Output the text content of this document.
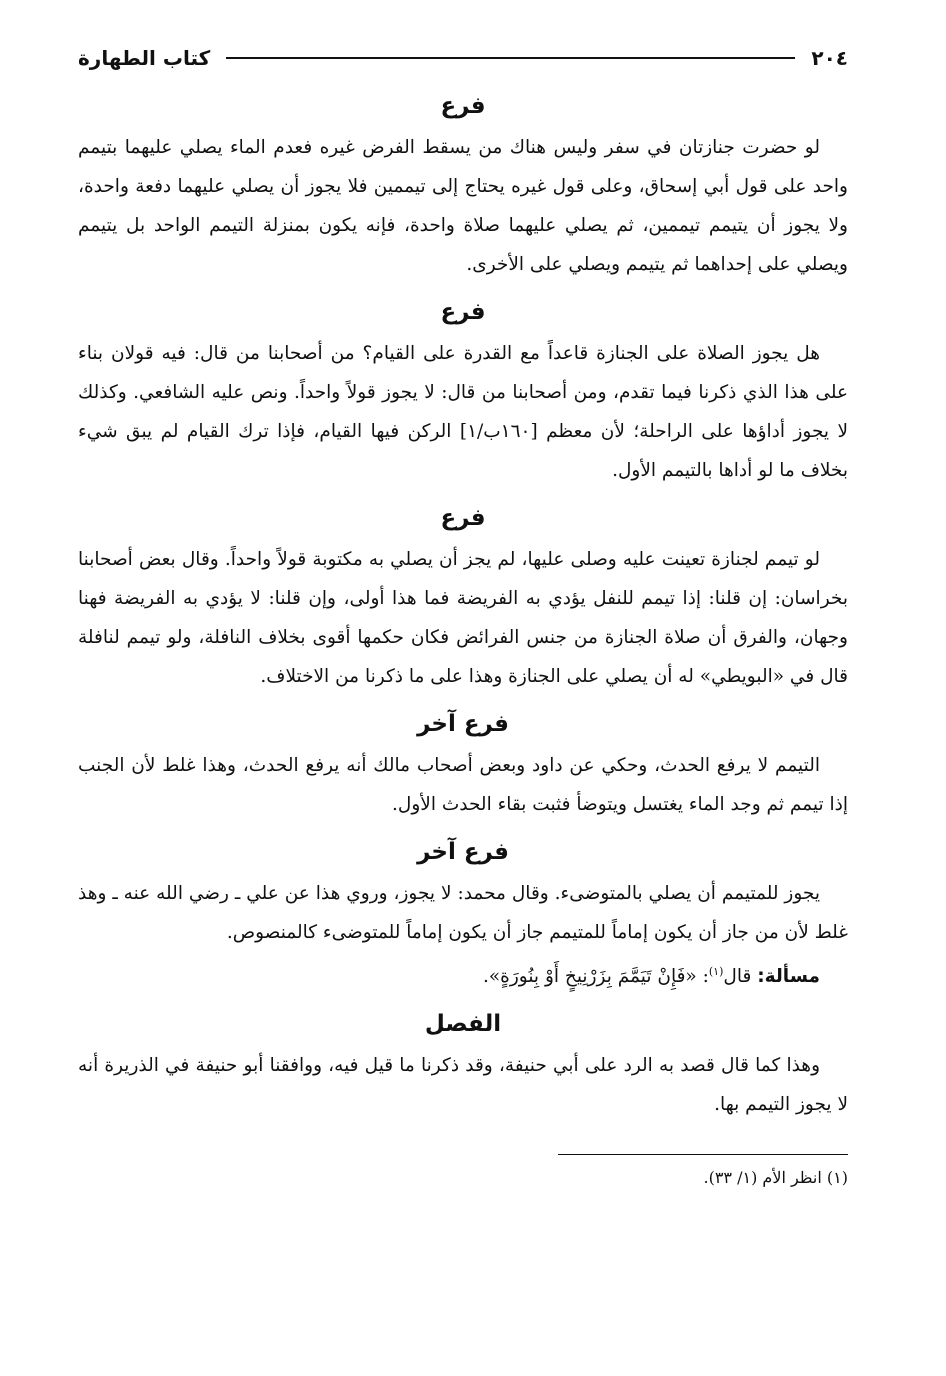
٢٠٤
كتاب الطهارة
فرع

لو حضرت جنازتان في سفر وليس هناك من يسقط الفرض غيره فعدم الماء يصلي عليهما بتيمم واحد على قول أبي إسحاق، وعلى قول غيره يحتاج إلى تيممين فلا يجوز أن يصلي عليهما دفعة واحدة، ولا يجوز أن يتيمم تيممين، ثم يصلي عليهما صلاة واحدة، فإنه يكون بمنزلة التيمم الواحد بل يتيمم ويصلي على إحداهما ثم يتيمم ويصلي على الأخرى.

فرع

هل يجوز الصلاة على الجنازة قاعداً مع القدرة على القيام؟ من أصحابنا من قال: فيه قولان بناء على هذا الذي ذكرنا فيما تقدم، ومن أصحابنا من قال: لا يجوز قولاً واحداً. ونص عليه الشافعي. وكذلك لا يجوز أداؤها على الراحلة؛ لأن معظم [١٦٠ب/١] الركن فيها القيام، فإذا ترك القيام لم يبق شيء بخلاف ما لو أداها بالتيمم الأول.

فرع

لو تيمم لجنازة تعينت عليه وصلى عليها، لم يجز أن يصلي به مكتوبة قولاً واحداً. وقال بعض أصحابنا بخراسان: إن قلنا: إذا تيمم للنفل يؤدي به الفريضة فما هذا أولى، وإن قلنا: لا يؤدي به الفريضة فهنا وجهان، والفرق أن صلاة الجنازة من جنس الفرائض فكان حكمها أقوى بخلاف النافلة، ولو تيمم لنافلة قال في «البويطي» له أن يصلي على الجنازة وهذا على ما ذكرنا من الاختلاف.

فرع آخر

التيمم لا يرفع الحدث، وحكي عن داود وبعض أصحاب مالك أنه يرفع الحدث، وهذا غلط لأن الجنب إذا تيمم ثم وجد الماء يغتسل ويتوضأ فثبت بقاء الحدث الأول.

فرع آخر

يجوز للمتيمم أن يصلي بالمتوضىء. وقال محمد: لا يجوز، وروي هذا عن علي ـ رضي الله عنه ـ وهذ غلط لأن من جاز أن يكون إماماً للمتيمم جاز أن يكون إماماً للمتوضىء كالمنصوص.

مسألة: قال$^{(١)}$: «فَإِنْ تَيَمَّمَ بِزَرْنِيخٍ أَوْ بِنُورَةٍ».

الفصل

وهذا كما قال قصد به الرد على أبي حنيفة، وقد ذكرنا ما قيل فيه، ووافقنا أبو حنيفة في الذريرة أنه لا يجوز التيمم بها.

(١) انظر الأم (١/ ٣٣).
